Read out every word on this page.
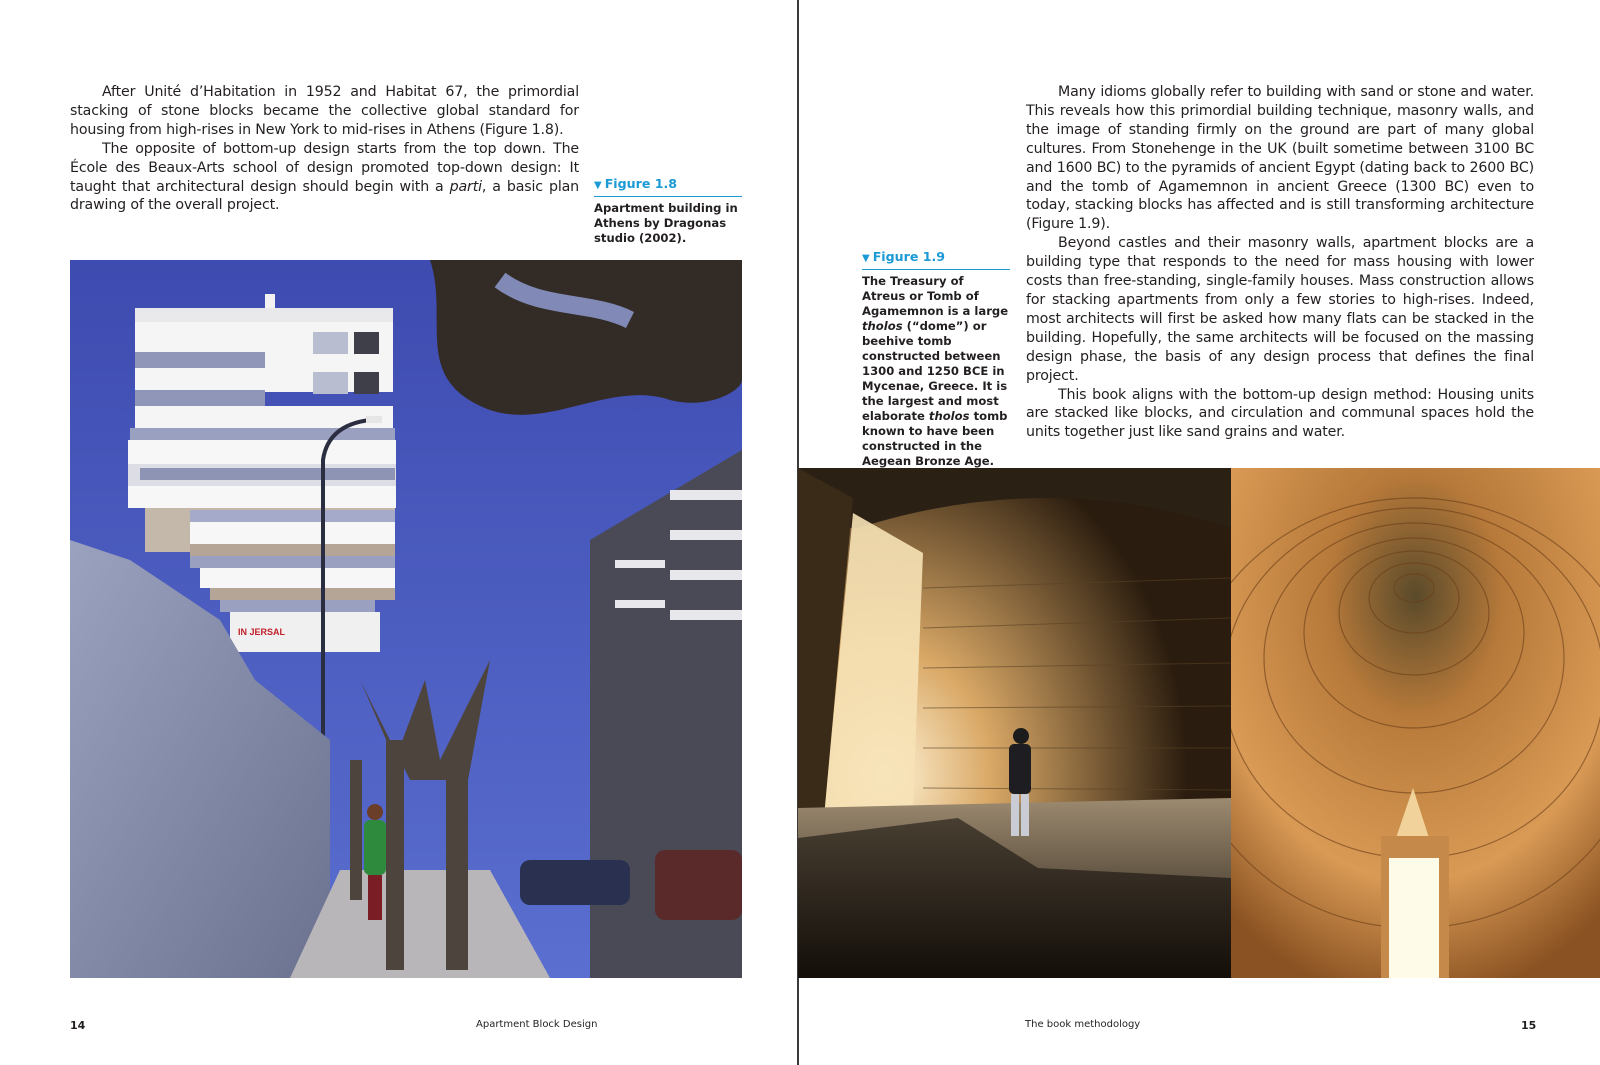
After Unité d’Habitation in 1952 and Habitat 67, the primordial stacking of stone blocks became the collective global standard for housing from high-rises in New York to mid-rises in Athens (Figure 1.8).

The opposite of bottom-up design starts from the top down. The École des Beaux-Arts school of design promoted top-down design: It taught that architectural design should begin with a parti, a basic plan drawing of the overall project.

▼ Figure 1.8
Apartment building in Athens by Dragonas studio (2002).
IN JERSAL
14	Apartment Block Design

Many idioms globally refer to building with sand or stone and water. This reveals how this primordial building technique, masonry walls, and the image of standing firmly on the ground are part of many global cultures. From Stonehenge in the UK (built sometime between 3100 BC and 1600 BC) to the pyramids of ancient Egypt (dating back to 2600 BC) and the tomb of Agamemnon in ancient Greece (1300 BC) even to today, stacking blocks has affected and is still transforming architecture (Figure 1.9).

Beyond castles and their masonry walls, apartment blocks are a building type that responds to the need for mass housing with lower costs than free-standing, single-family houses. Mass construction allows for stacking apartments from only a few stories to high-rises. Indeed, most architects will first be asked how many flats can be stacked in the building. Hopefully, the same architects will be focused on the massing design phase, the basis of any design process that defines the final project.

This book aligns with the bottom-up design method: Housing units are stacked like blocks, and circulation and communal spaces hold the units together just like sand grains and water.

▼ Figure 1.9
The Treasury of Atreus or Tomb of Agamemnon is a large tholos (“dome”) or beehive tomb constructed between 1300 and 1250 BCE in Mycenae, Greece. It is the largest and most elaborate tholos tomb known to have been constructed in the Aegean Bronze Age.
The book methodology	15
